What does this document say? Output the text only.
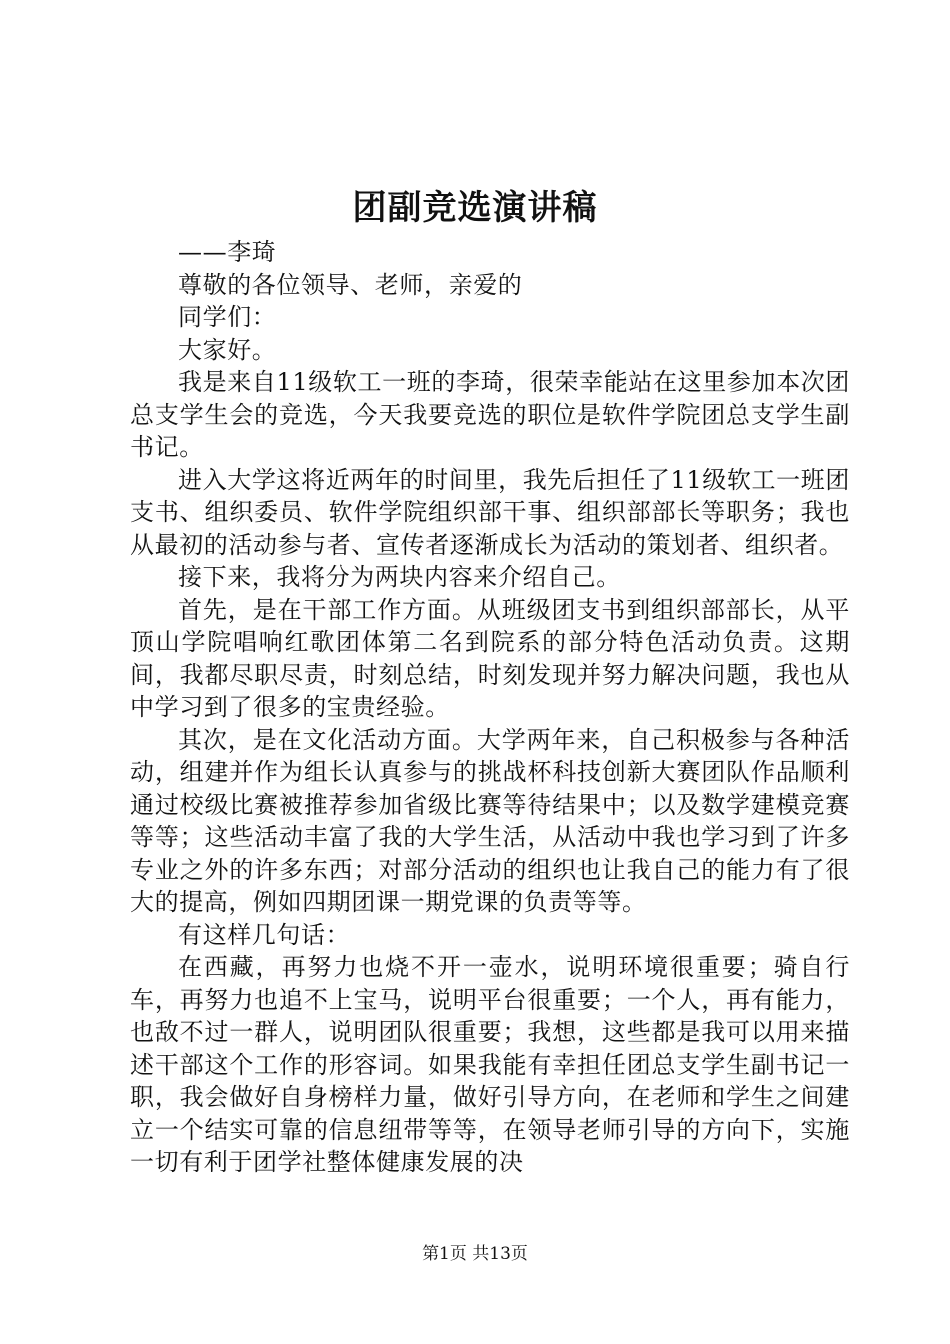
团副竞选演讲稿

——李琦

尊敬的各位领导、老师，亲爱的

同学们：

大家好。

我是来自11级软工一班的李琦，很荣幸能站在这里参加本次团总支学生会的竞选，今天我要竞选的职位是软件学院团总支学生副书记。

进入大学这将近两年的时间里，我先后担任了11级软工一班团支书、组织委员、软件学院组织部干事、组织部部长等职务；我也从最初的活动参与者、宣传者逐渐成长为活动的策划者、组织者。

接下来，我将分为两块内容来介绍自己。

首先，是在干部工作方面。从班级团支书到组织部部长，从平顶山学院唱响红歌团体第二名到院系的部分特色活动负责。这期间，我都尽职尽责，时刻总结，时刻发现并努力解决问题，我也从中学习到了很多的宝贵经验。

其次，是在文化活动方面。大学两年来，自己积极参与各种活动，组建并作为组长认真参与的挑战杯科技创新大赛团队作品顺利通过校级比赛被推荐参加省级比赛等待结果中；以及数学建模竞赛等等；这些活动丰富了我的大学生活，从活动中我也学习到了许多专业之外的许多东西；对部分活动的组织也让我自己的能力有了很大的提高，例如四期团课一期党课的负责等等。

有这样几句话：

在西藏，再努力也烧不开一壶水，说明环境很重要；骑自行车，再努力也追不上宝马，说明平台很重要；一个人，再有能力，也敌不过一群人，说明团队很重要；我想，这些都是我可以用来描述干部这个工作的形容词。如果我能有幸担任团总支学生副书记一职，我会做好自身榜样力量，做好引导方向，在老师和学生之间建立一个结实可靠的信息纽带等等，在领导老师引导的方向下，实施一切有利于团学社整体健康发展的决

第1页 共13页
